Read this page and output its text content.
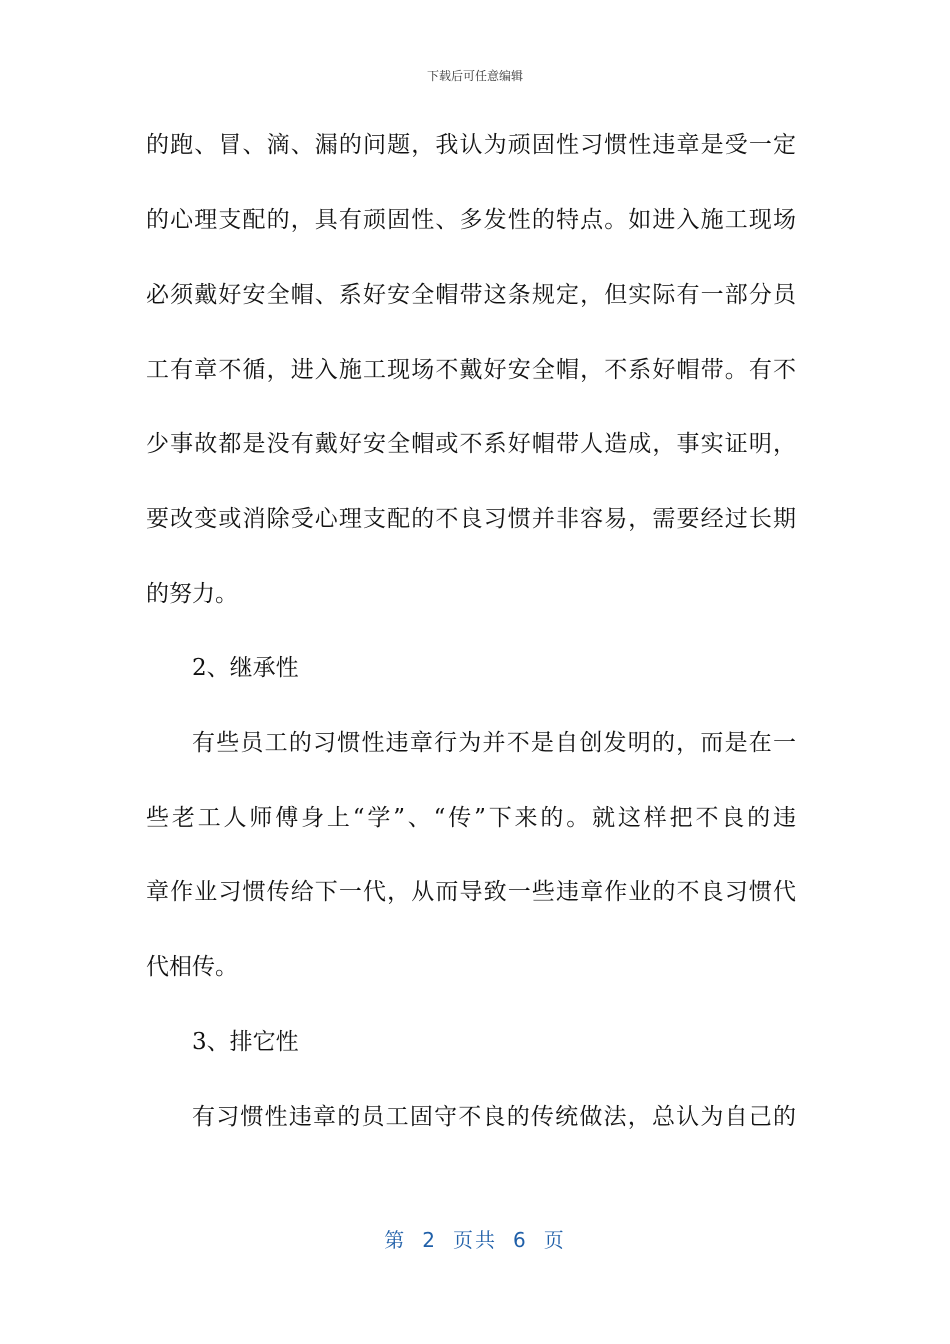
下载后可任意编辑
的跑、冒、滴、漏的问题，我认为顽固性习惯性违章是受一定
的心理支配的，具有顽固性、多发性的特点。如进入施工现场
必须戴好安全帽、系好安全帽带这条规定，但实际有一部分员
工有章不循，进入施工现场不戴好安全帽，不系好帽带。有不
少事故都是没有戴好安全帽或不系好帽带人造成，事实证明，
要改变或消除受心理支配的不良习惯并非容易，需要经过长期
的努力。
2、继承性
有些员工的习惯性违章行为并不是自创发明的，而是在一
些老工人师傅身上“学”、“传”下来的。就这样把不良的违
章作业习惯传给下一代，从而导致一些违章作业的不良习惯代
代相传。
3、排它性
有习惯性违章的员工固守不良的传统做法，总认为自己的
第 2 页共 6 页
